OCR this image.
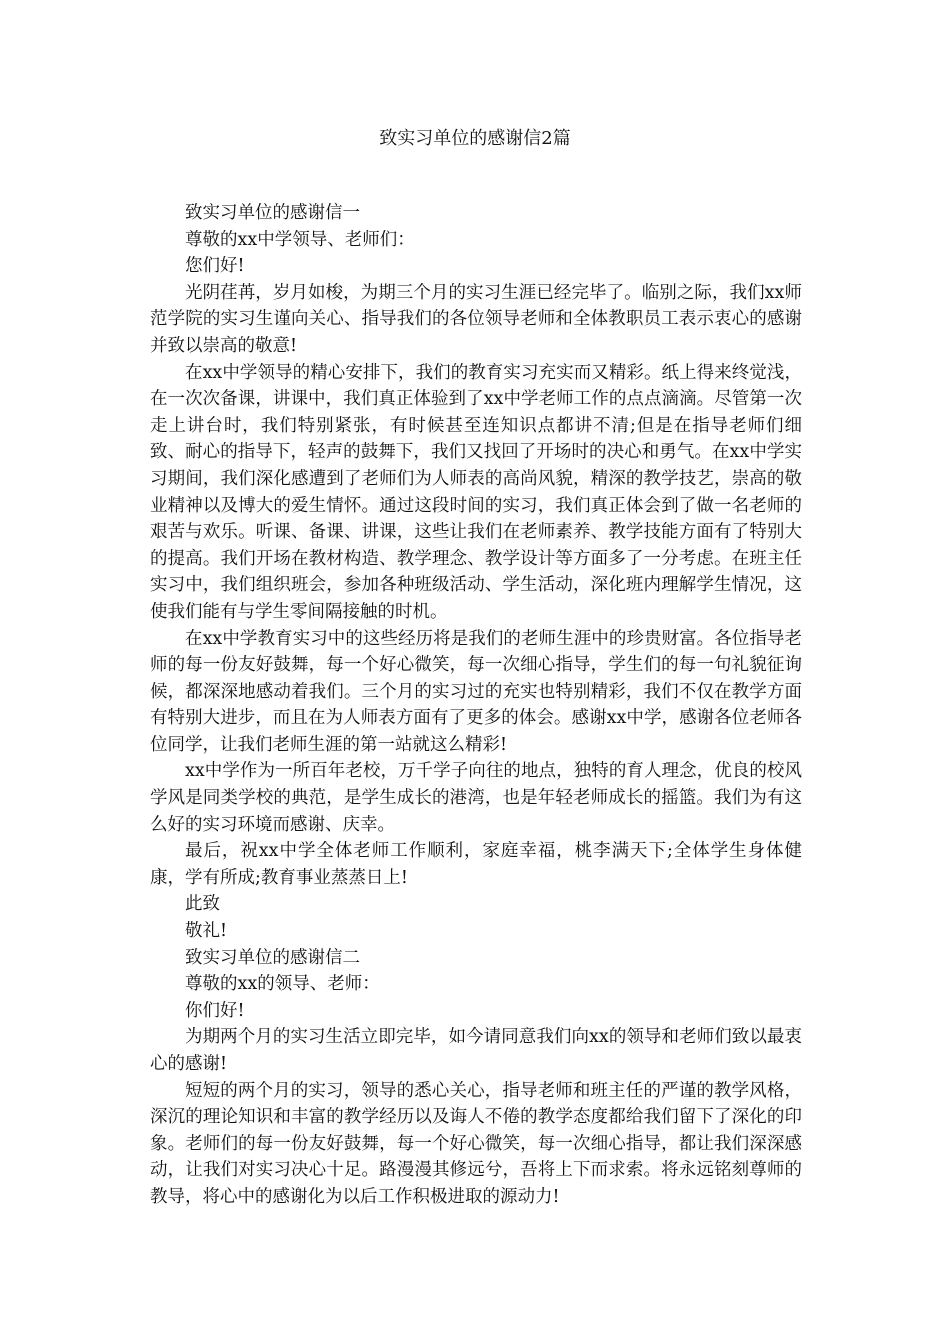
致实习单位的感谢信2篇

致实习单位的感谢信一

尊敬的xx中学领导、老师们：

您们好!

光阴荏苒，岁月如梭，为期三个月的实习生涯已经完毕了。临别之际，我们xx师范学院的实习生谨向关心、指导我们的各位领导老师和全体教职员工表示衷心的感谢并致以崇高的敬意!

在xx中学领导的精心安排下，我们的教育实习充实而又精彩。纸上得来终觉浅，在一次次备课，讲课中，我们真正体验到了xx中学老师工作的点点滴滴。尽管第一次走上讲台时，我们特别紧张，有时候甚至连知识点都讲不清;但是在指导老师们细致、耐心的指导下，轻声的鼓舞下，我们又找回了开场时的决心和勇气。在xx中学实习期间，我们深化感遭到了老师们为人师表的高尚风貌，精深的教学技艺，崇高的敬业精神以及博大的爱生情怀。通过这段时间的实习，我们真正体会到了做一名老师的艰苦与欢乐。听课、备课、讲课，这些让我们在老师素养、教学技能方面有了特别大的提高。我们开场在教材构造、教学理念、教学设计等方面多了一分考虑。在班主任实习中，我们组织班会，参加各种班级活动、学生活动，深化班内理解学生情况，这使我们能有与学生零间隔接触的时机。

在xx中学教育实习中的这些经历将是我们的老师生涯中的珍贵财富。各位指导老师的每一份友好鼓舞，每一个好心微笑，每一次细心指导，学生们的每一句礼貌征询候，都深深地感动着我们。三个月的实习过的充实也特别精彩，我们不仅在教学方面有特别大进步，而且在为人师表方面有了更多的体会。感谢xx中学，感谢各位老师各位同学，让我们老师生涯的第一站就这么精彩!

xx中学作为一所百年老校，万千学子向往的地点，独特的育人理念，优良的校风学风是同类学校的典范，是学生成长的港湾，也是年轻老师成长的摇篮。我们为有这么好的实习环境而感谢、庆幸。

最后，祝xx中学全体老师工作顺利，家庭幸福，桃李满天下;全体学生身体健康，学有所成;教育事业蒸蒸日上!

此致

敬礼!

致实习单位的感谢信二

尊敬的xx的领导、老师：

你们好!

为期两个月的实习生活立即完毕，如今请同意我们向xx的领导和老师们致以最衷心的感谢!

短短的两个月的实习，领导的悉心关心，指导老师和班主任的严谨的教学风格，深沉的理论知识和丰富的教学经历以及诲人不倦的教学态度都给我们留下了深化的印象。老师们的每一份友好鼓舞，每一个好心微笑，每一次细心指导，都让我们深深感动，让我们对实习决心十足。路漫漫其修远兮，吾将上下而求索。将永远铭刻尊师的教导，将心中的感谢化为以后工作积极进取的源动力!
